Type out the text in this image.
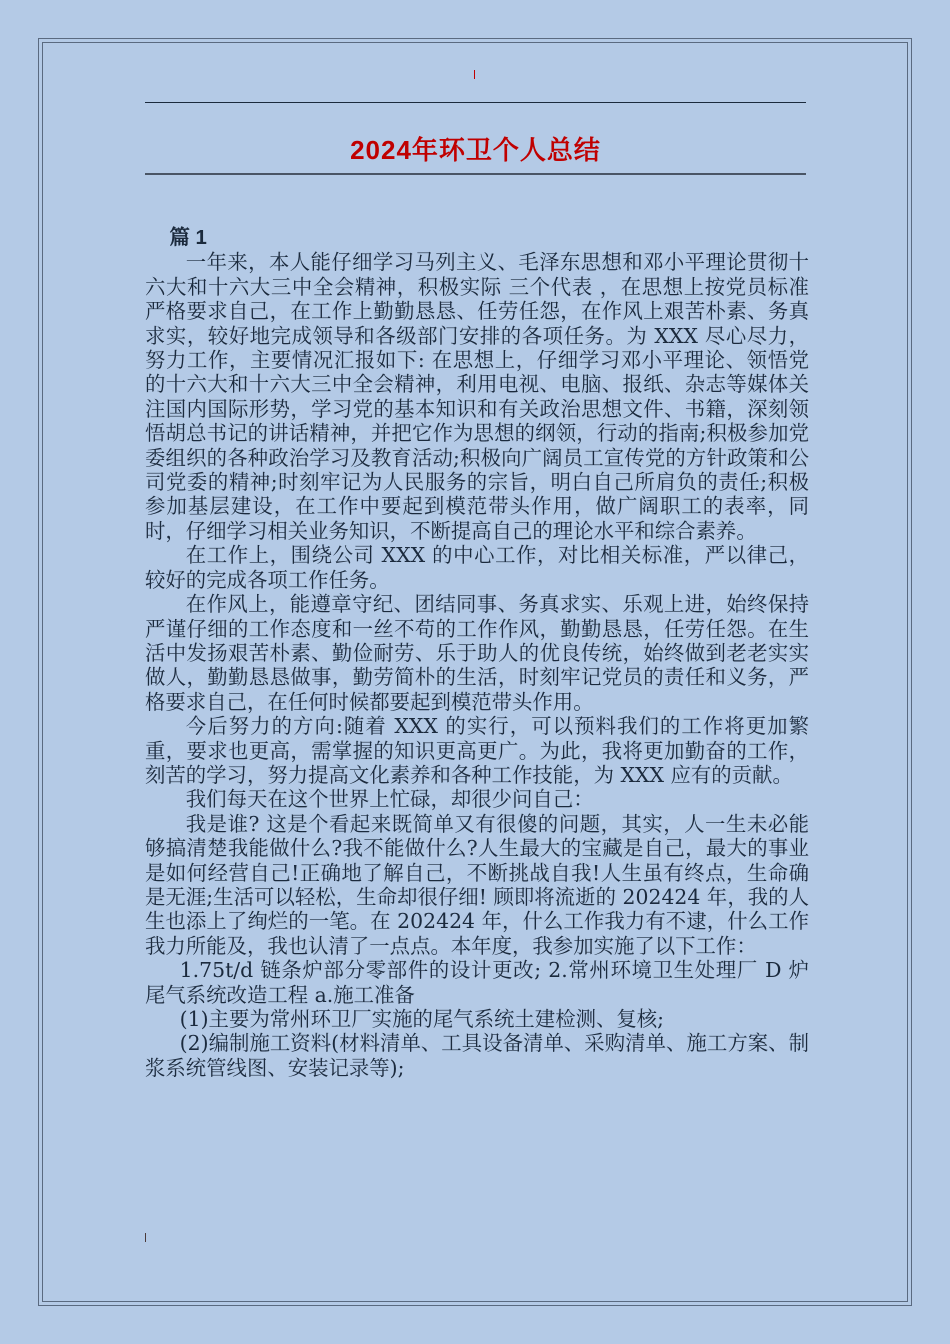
2024年环卫个人总结

篇 1

一年来，本人能仔细学习马列主义、毛泽东思想和邓小平理论贯彻十六大和十六大三中全会精神，积极实际 三个代表 ，在思想上按党员标准严格要求自己，在工作上勤勤恳恳、任劳任怨，在作风上艰苦朴素、务真求实，较好地完成领导和各级部门安排的各项任务。为 XXX 尽心尽力，努力工作，主要情况汇报如下: 在思想上，仔细学习邓小平理论、领悟党的十六大和十六大三中全会精神，利用电视、电脑、报纸、杂志等媒体关注国内国际形势，学习党的基本知识和有关政治思想文件、书籍，深刻领悟胡总书记的讲话精神，并把它作为思想的纲领，行动的指南;积极参加党委组织的各种政治学习及教育活动;积极向广阔员工宣传党的方针政策和公司党委的精神;时刻牢记为人民服务的宗旨，明白自己所肩负的责任;积极参加基层建设，在工作中要起到模范带头作用，做广阔职工的表率，同时，仔细学习相关业务知识，不断提高自己的理论水平和综合素养。

在工作上，围绕公司 XXX 的中心工作，对比相关标准，严以律己，较好的完成各项工作任务。

在作风上，能遵章守纪、团结同事、务真求实、乐观上进，始终保持严谨仔细的工作态度和一丝不苟的工作作风，勤勤恳恳，任劳任怨。在生活中发扬艰苦朴素、勤俭耐劳、乐于助人的优良传统，始终做到老老实实做人，勤勤恳恳做事，勤劳简朴的生活，时刻牢记党员的责任和义务，严格要求自己，在任何时候都要起到模范带头作用。

今后努力的方向:随着 XXX 的实行，可以预料我们的工作将更加繁重，要求也更高，需掌握的知识更高更广。为此，我将更加勤奋的工作，刻苦的学习，努力提高文化素养和各种工作技能，为 XXX 应有的贡献。

我们每天在这个世界上忙碌，却很少问自己：

我是谁? 这是个看起来既简单又有很傻的问题，其实，人一生未必能够搞清楚我能做什么?我不能做什么?人生最大的宝藏是自己，最大的事业是如何经营自己!正确地了解自己，不断挑战自我!人生虽有终点，生命确是无涯;生活可以轻松，生命却很仔细! 顾即将流逝的 202424 年，我的人生也添上了绚烂的一笔。在 202424 年，什么工作我力有不逮，什么工作我力所能及，我也认清了一点点。本年度，我参加实施了以下工作：

1.75t/d 链条炉部分零部件的设计更改; 2.常州环境卫生处理厂 D 炉尾气系统改造工程 a.施工准备

(1)主要为常州环卫厂实施的尾气系统土建检测、复核;

(2)编制施工资料(材料清单、工具设备清单、采购清单、施工方案、制浆系统管线图、安装记录等);
